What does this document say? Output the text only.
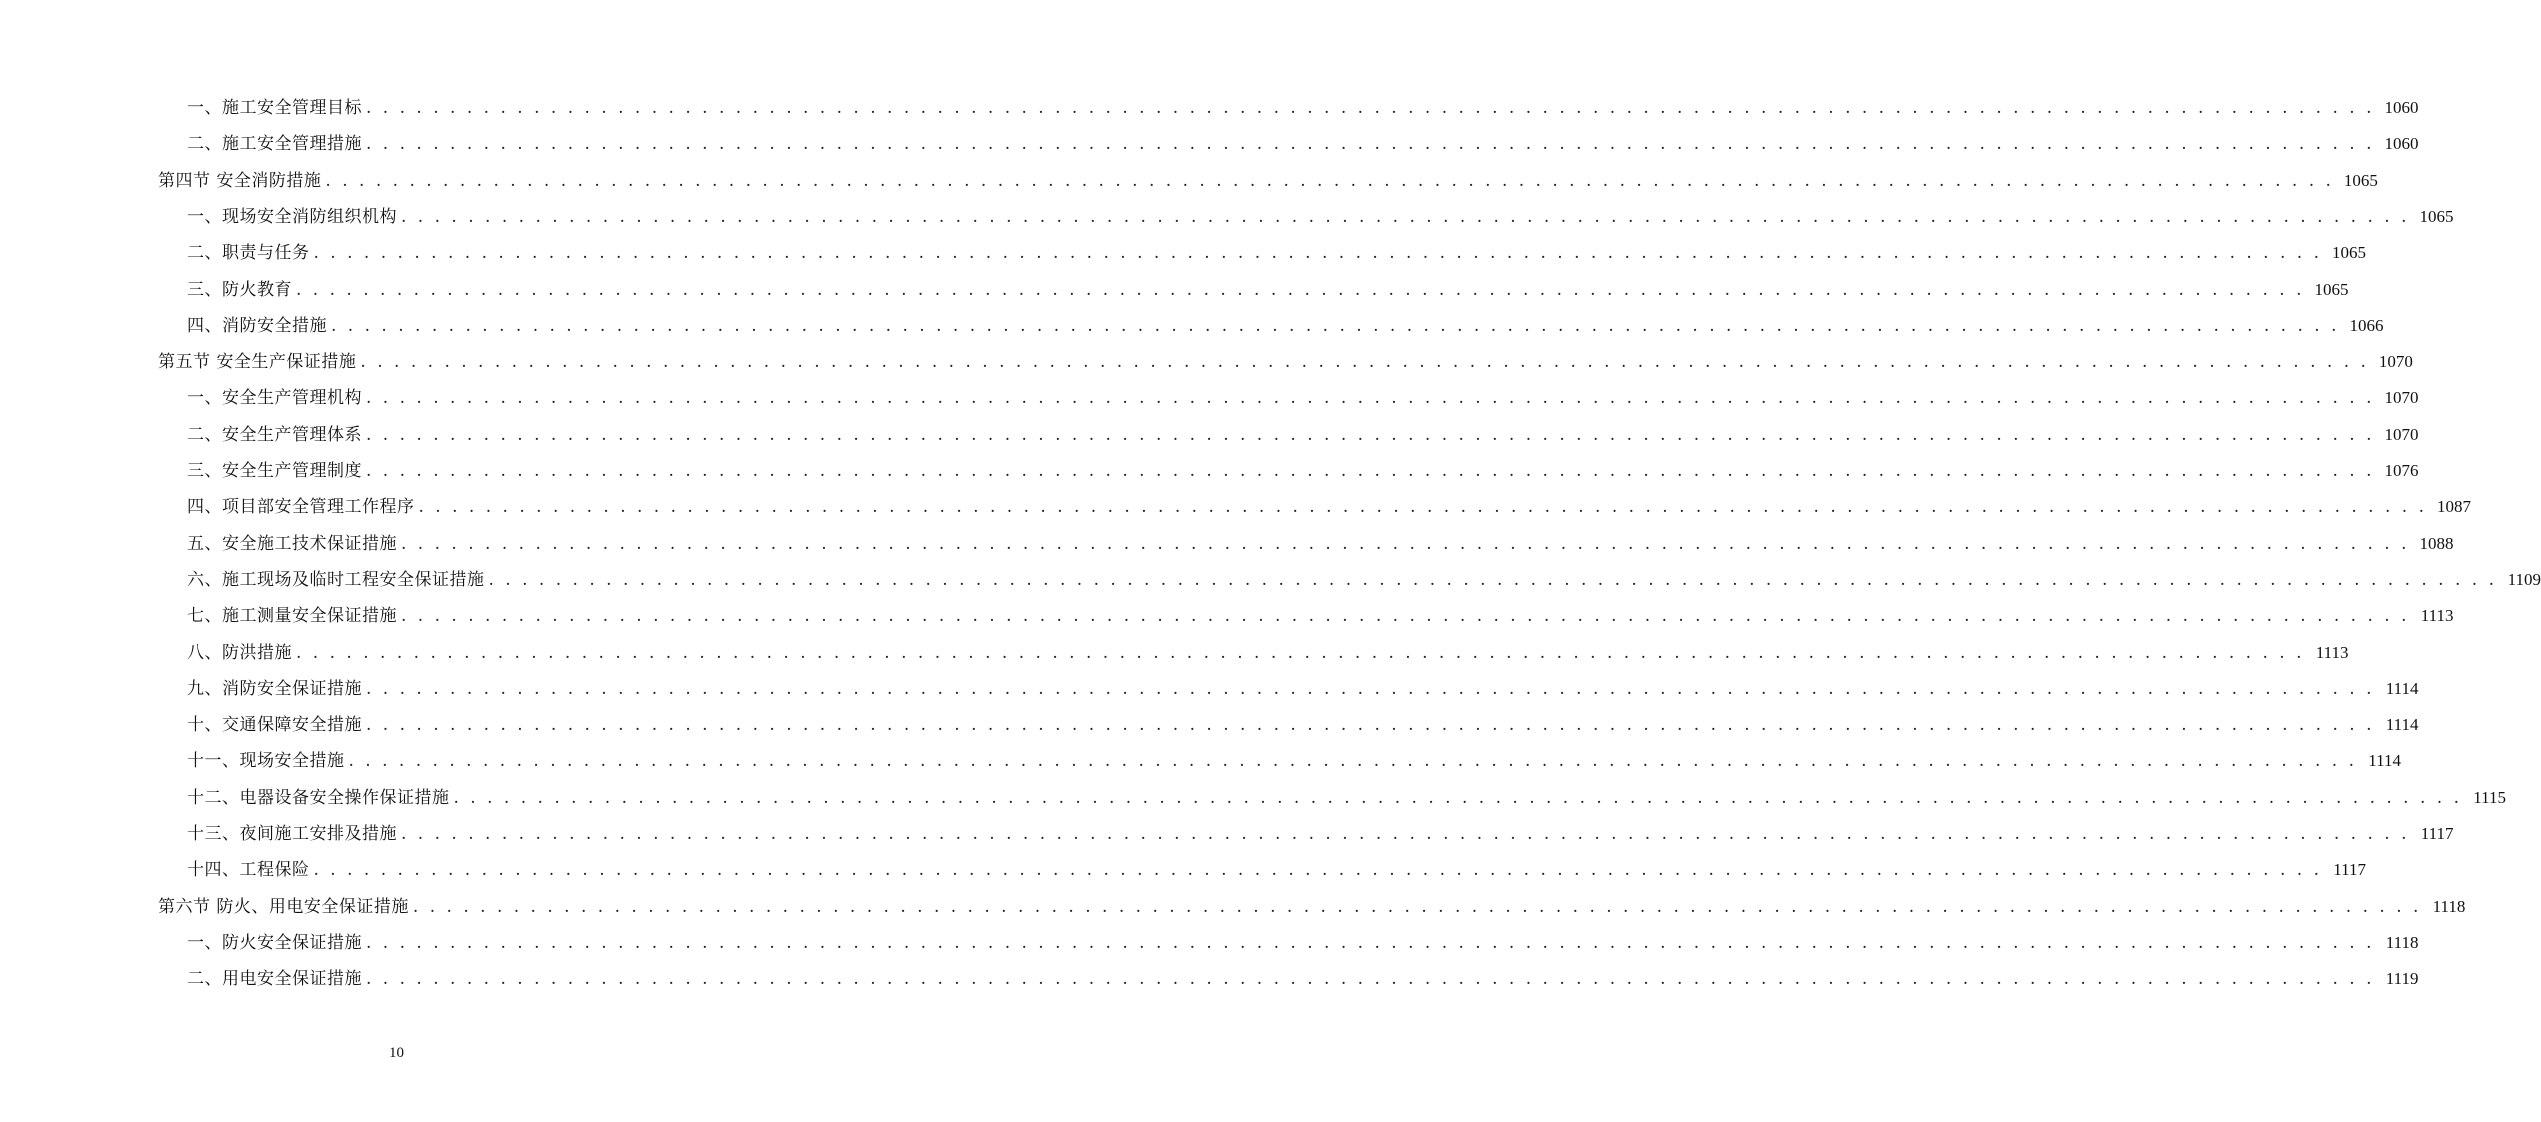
一、施工安全管理目标 . . . . . . . . . . . . . . . . . . . . . . . . . . . . . . . . . . . . . . . . . . . . . . . . . . . . . . . . . . . . . . . . . . . . . . . . . . . . . . . . . . . . . . . . . . . . . . . . . . . . . . . . . . . . . . . . . . . . . . . . 1060
二、施工安全管理措施 . . . . . . . . . . . . . . . . . . . . . . . . . . . . . . . . . . . . . . . . . . . . . . . . . . . . . . . . . . . . . . . . . . . . . . . . . . . . . . . . . . . . . . . . . . . . . . . . . . . . . . . . . . . . . . . . . . . . . . . . 1060
第四节 安全消防措施 . . . . . . . . . . . . . . . . . . . . . . . . . . . . . . . . . . . . . . . . . . . . . . . . . . . . . . . . . . . . . . . . . . . . . . . . . . . . . . . . . . . . . . . . . . . . . . . . . . . . . . . . . . . . . . . . . . . . . . . . 1065
一、现场安全消防组织机构 . . . . . . . . . . . . . . . . . . . . . . . . . . . . . . . . . . . . . . . . . . . . . . . . . . . . . . . . . . . . . . . . . . . . . . . . . . . . . . . . . . . . . . . . . . . . . . . . . . . . . . . . . . . . . . . . . . . . . . . . 1065
二、职责与任务 . . . . . . . . . . . . . . . . . . . . . . . . . . . . . . . . . . . . . . . . . . . . . . . . . . . . . . . . . . . . . . . . . . . . . . . . . . . . . . . . . . . . . . . . . . . . . . . . . . . . . . . . . . . . . . . . . . . . . . . . 1065
三、防火教育 . . . . . . . . . . . . . . . . . . . . . . . . . . . . . . . . . . . . . . . . . . . . . . . . . . . . . . . . . . . . . . . . . . . . . . . . . . . . . . . . . . . . . . . . . . . . . . . . . . . . . . . . . . . . . . . . . . . . . . . . 1065
四、消防安全措施 . . . . . . . . . . . . . . . . . . . . . . . . . . . . . . . . . . . . . . . . . . . . . . . . . . . . . . . . . . . . . . . . . . . . . . . . . . . . . . . . . . . . . . . . . . . . . . . . . . . . . . . . . . . . . . . . . . . . . . . . 1066
第五节 安全生产保证措施 . . . . . . . . . . . . . . . . . . . . . . . . . . . . . . . . . . . . . . . . . . . . . . . . . . . . . . . . . . . . . . . . . . . . . . . . . . . . . . . . . . . . . . . . . . . . . . . . . . . . . . . . . . . . . . . . . . . . . . . . 1070
一、安全生产管理机构 . . . . . . . . . . . . . . . . . . . . . . . . . . . . . . . . . . . . . . . . . . . . . . . . . . . . . . . . . . . . . . . . . . . . . . . . . . . . . . . . . . . . . . . . . . . . . . . . . . . . . . . . . . . . . . . . . . . . . . . . 1070
二、安全生产管理体系 . . . . . . . . . . . . . . . . . . . . . . . . . . . . . . . . . . . . . . . . . . . . . . . . . . . . . . . . . . . . . . . . . . . . . . . . . . . . . . . . . . . . . . . . . . . . . . . . . . . . . . . . . . . . . . . . . . . . . . . . 1070
三、安全生产管理制度 . . . . . . . . . . . . . . . . . . . . . . . . . . . . . . . . . . . . . . . . . . . . . . . . . . . . . . . . . . . . . . . . . . . . . . . . . . . . . . . . . . . . . . . . . . . . . . . . . . . . . . . . . . . . . . . . . . . . . . . . 1076
四、项目部安全管理工作程序 . . . . . . . . . . . . . . . . . . . . . . . . . . . . . . . . . . . . . . . . . . . . . . . . . . . . . . . . . . . . . . . . . . . . . . . . . . . . . . . . . . . . . . . . . . . . . . . . . . . . . . . . . . . . . . . . . . . . . . . . 1087
五、安全施工技术保证措施 . . . . . . . . . . . . . . . . . . . . . . . . . . . . . . . . . . . . . . . . . . . . . . . . . . . . . . . . . . . . . . . . . . . . . . . . . . . . . . . . . . . . . . . . . . . . . . . . . . . . . . . . . . . . . . . . . . . . . . . . 1088
六、施工现场及临时工程安全保证措施 . . . . . . . . . . . . . . . . . . . . . . . . . . . . . . . . . . . . . . . . . . . . . . . . . . . . . . . . . . . . . . . . . . . . . . . . . . . . . . . . . . . . . . . . . . . . . . . . . . . . . . . . . . . . . . . . . . . . . . . . 1109
七、施工测量安全保证措施 . . . . . . . . . . . . . . . . . . . . . . . . . . . . . . . . . . . . . . . . . . . . . . . . . . . . . . . . . . . . . . . . . . . . . . . . . . . . . . . . . . . . . . . . . . . . . . . . . . . . . . . . . . . . . . . . . . . . . . . . 1113
八、防洪措施 . . . . . . . . . . . . . . . . . . . . . . . . . . . . . . . . . . . . . . . . . . . . . . . . . . . . . . . . . . . . . . . . . . . . . . . . . . . . . . . . . . . . . . . . . . . . . . . . . . . . . . . . . . . . . . . . . . . . . . . . 1113
九、消防安全保证措施 . . . . . . . . . . . . . . . . . . . . . . . . . . . . . . . . . . . . . . . . . . . . . . . . . . . . . . . . . . . . . . . . . . . . . . . . . . . . . . . . . . . . . . . . . . . . . . . . . . . . . . . . . . . . . . . . . . . . . . . . 1114
十、交通保障安全措施 . . . . . . . . . . . . . . . . . . . . . . . . . . . . . . . . . . . . . . . . . . . . . . . . . . . . . . . . . . . . . . . . . . . . . . . . . . . . . . . . . . . . . . . . . . . . . . . . . . . . . . . . . . . . . . . . . . . . . . . . 1114
十一、现场安全措施 . . . . . . . . . . . . . . . . . . . . . . . . . . . . . . . . . . . . . . . . . . . . . . . . . . . . . . . . . . . . . . . . . . . . . . . . . . . . . . . . . . . . . . . . . . . . . . . . . . . . . . . . . . . . . . . . . . . . . . . . 1114
十二、电器设备安全操作保证措施 . . . . . . . . . . . . . . . . . . . . . . . . . . . . . . . . . . . . . . . . . . . . . . . . . . . . . . . . . . . . . . . . . . . . . . . . . . . . . . . . . . . . . . . . . . . . . . . . . . . . . . . . . . . . . . . . . . . . . . . . 1115
十三、夜间施工安排及措施 . . . . . . . . . . . . . . . . . . . . . . . . . . . . . . . . . . . . . . . . . . . . . . . . . . . . . . . . . . . . . . . . . . . . . . . . . . . . . . . . . . . . . . . . . . . . . . . . . . . . . . . . . . . . . . . . . . . . . . . . 1117
十四、工程保险 . . . . . . . . . . . . . . . . . . . . . . . . . . . . . . . . . . . . . . . . . . . . . . . . . . . . . . . . . . . . . . . . . . . . . . . . . . . . . . . . . . . . . . . . . . . . . . . . . . . . . . . . . . . . . . . . . . . . . . . . 1117
第六节 防火、用电安全保证措施 . . . . . . . . . . . . . . . . . . . . . . . . . . . . . . . . . . . . . . . . . . . . . . . . . . . . . . . . . . . . . . . . . . . . . . . . . . . . . . . . . . . . . . . . . . . . . . . . . . . . . . . . . . . . . . . . . . . . . . . . 1118
一、防火安全保证措施 . . . . . . . . . . . . . . . . . . . . . . . . . . . . . . . . . . . . . . . . . . . . . . . . . . . . . . . . . . . . . . . . . . . . . . . . . . . . . . . . . . . . . . . . . . . . . . . . . . . . . . . . . . . . . . . . . . . . . . . . 1118
二、用电安全保证措施 . . . . . . . . . . . . . . . . . . . . . . . . . . . . . . . . . . . . . . . . . . . . . . . . . . . . . . . . . . . . . . . . . . . . . . . . . . . . . . . . . . . . . . . . . . . . . . . . . . . . . . . . . . . . . . . . . . . . . . . . 1119
10
